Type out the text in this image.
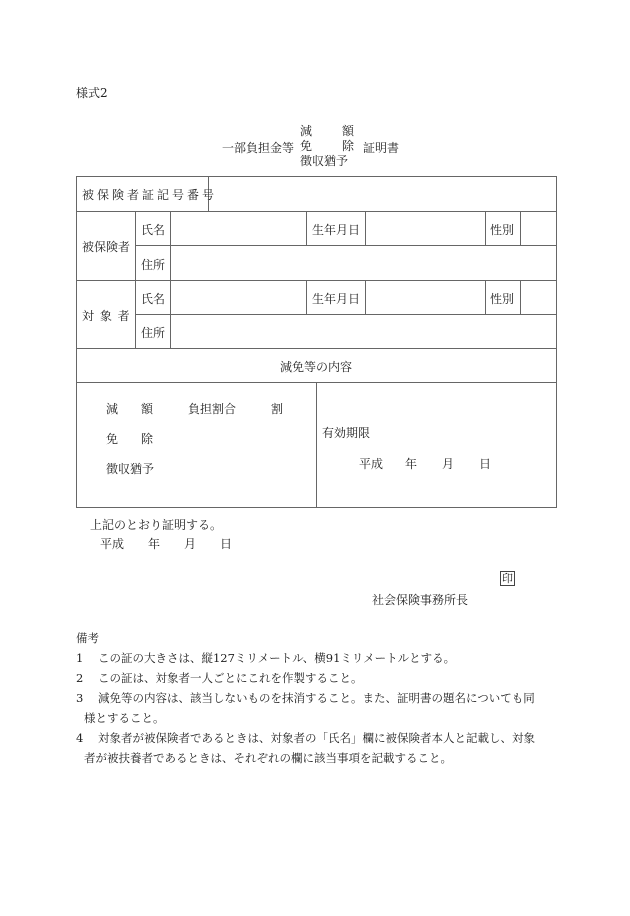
様式2
減	額
免	除
徴収猶予
一部負担金等	証明書
被保険者証記号番号
被保険者
氏名	生年月日	性別
住所
対 象 者
氏名	生年月日	性別
住所
減免等の内容
減 額	負担割合	割
免 除
徴収猶予
有効期限
平成 年 月 日
上記のとおり証明する。
平成 年 月 日
印
社会保険事務所長
備考
1 この証の大きさは、縦127ミリメートル、横91ミリメートルとする。
2 この証は、対象者一人ごとにこれを作製すること。
3 減免等の内容は、該当しないものを抹消すること。また、証明書の題名についても同
様とすること。
4 対象者が被保険者であるときは、対象者の「氏名」欄に被保険者本人と記載し、対象
者が被扶養者であるときは、それぞれの欄に該当事項を記載すること。
